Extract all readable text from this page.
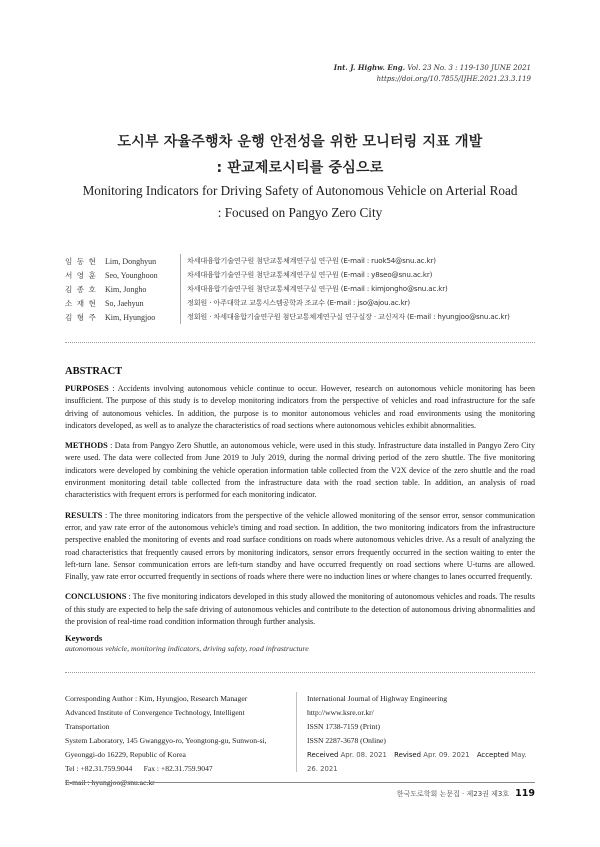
Int. J. Highw. Eng. Vol. 23 No. 3 : 119-130 JUNE 2021
https://doi.org/10.7855/IJHE.2021.23.3.119
도시부 자율주행차 운행 안전성을 위한 모니터링 지표 개발
: 판교제로시티를 중심으로
Monitoring Indicators for Driving Safety of Autonomous Vehicle on Arterial Road
: Focused on Pangyo Zero City
임 동 현	Lim, Donghyun	차세대융합기술연구원 첨단교통체계연구실 연구원 (E-mail : ruok54@snu.ac.kr)
서 영 훈	Seo, Younghoon	차세대융합기술연구원 첨단교통체계연구실 연구원 (E-mail : y8seo@snu.ac.kr)
김 종 호	Kim, Jongho	차세대융합기술연구원 첨단교통체계연구실 연구원 (E-mail : kimjongho@snu.ac.kr)
소 재 현	So, Jaehyun	정회원 · 아주대학교 교통시스템공학과 조교수 (E-mail : jso@ajou.ac.kr)
김 형 주	Kim, Hyungjoo	정회원 · 차세대융합기술연구원 첨단교통체계연구실 연구실장 · 교신저자 (E-mail : hyungjoo@snu.ac.kr)
ABSTRACT

PURPOSES : Accidents involving autonomous vehicle continue to occur. However, research on autonomous vehicle monitoring has been insufficient. The purpose of this study is to develop monitoring indicators from the perspective of vehicles and road infrastructure for the safe driving of autonomous vehicles. In addition, the purpose is to monitor autonomous vehicles and road environments using the monitoring indicators developed, as well as to analyze the characteristics of road sections where autonomous vehicles exhibit abnormalities.

METHODS : Data from Pangyo Zero Shuttle, an autonomous vehicle, were used in this study. Infrastructure data installed in Pangyo Zero City were used. The data were collected from June 2019 to July 2019, during the normal driving period of the zero shuttle. The five monitoring indicators were developed by combining the vehicle operation information table collected from the V2X device of the zero shuttle and the road environment monitoring detail table collected from the infrastructure data with the road section table. In addition, an analysis of road characteristics with frequent errors is performed for each monitoring indicator.

RESULTS : The three monitoring indicators from the perspective of the vehicle allowed monitoring of the sensor error, sensor communication error, and yaw rate error of the autonomous vehicle's timing and road section. In addition, the two monitoring indicators from the infrastructure perspective enabled the monitoring of events and road surface conditions on roads where autonomous vehicles drive. As a result of analyzing the road characteristics that frequently caused errors by monitoring indicators, sensor errors frequently occurred in the section waiting to enter the left-turn lane. Sensor communication errors are left-turn standby and have occurred frequently on road sections where U-turns are allowed. Finally, yaw rate error occurred frequently in sections of roads where there were no induction lines or where changes to lanes occurred frequently.

CONCLUSIONS : The five monitoring indicators developed in this study allowed the monitoring of autonomous vehicles and roads. The results of this study are expected to help the safe driving of autonomous vehicles and contribute to the detection of autonomous driving abnormalities and the provision of real-time road condition information through further analysis.

Keywords
autonomous vehicle, monitoring indicators, driving safety, road infrastructure
Corresponding Author : Kim, Hyungjoo, Research Manager
Advanced Institute of Convergence Technology, Intelligent Transportation
System Laboratory, 145 Gwanggyo-ro, Yeongtong-gu, Sunwon-si,
Gyeonggi-do 16229, Republic of Korea
Tel : +82.31.759.9044      Fax : +82.31.759.9047
E-mail : hyungjoo@snu.ac.kr
International Journal of Highway Engineering
http://www.ksre.or.kr/
ISSN 1738-7159 (Print)
ISSN 2287-3678 (Online)
Received Apr. 08. 2021 Revised Apr. 09. 2021 Accepted May. 26. 2021
한국도로학회 논문집 · 제23권 제3호 119
